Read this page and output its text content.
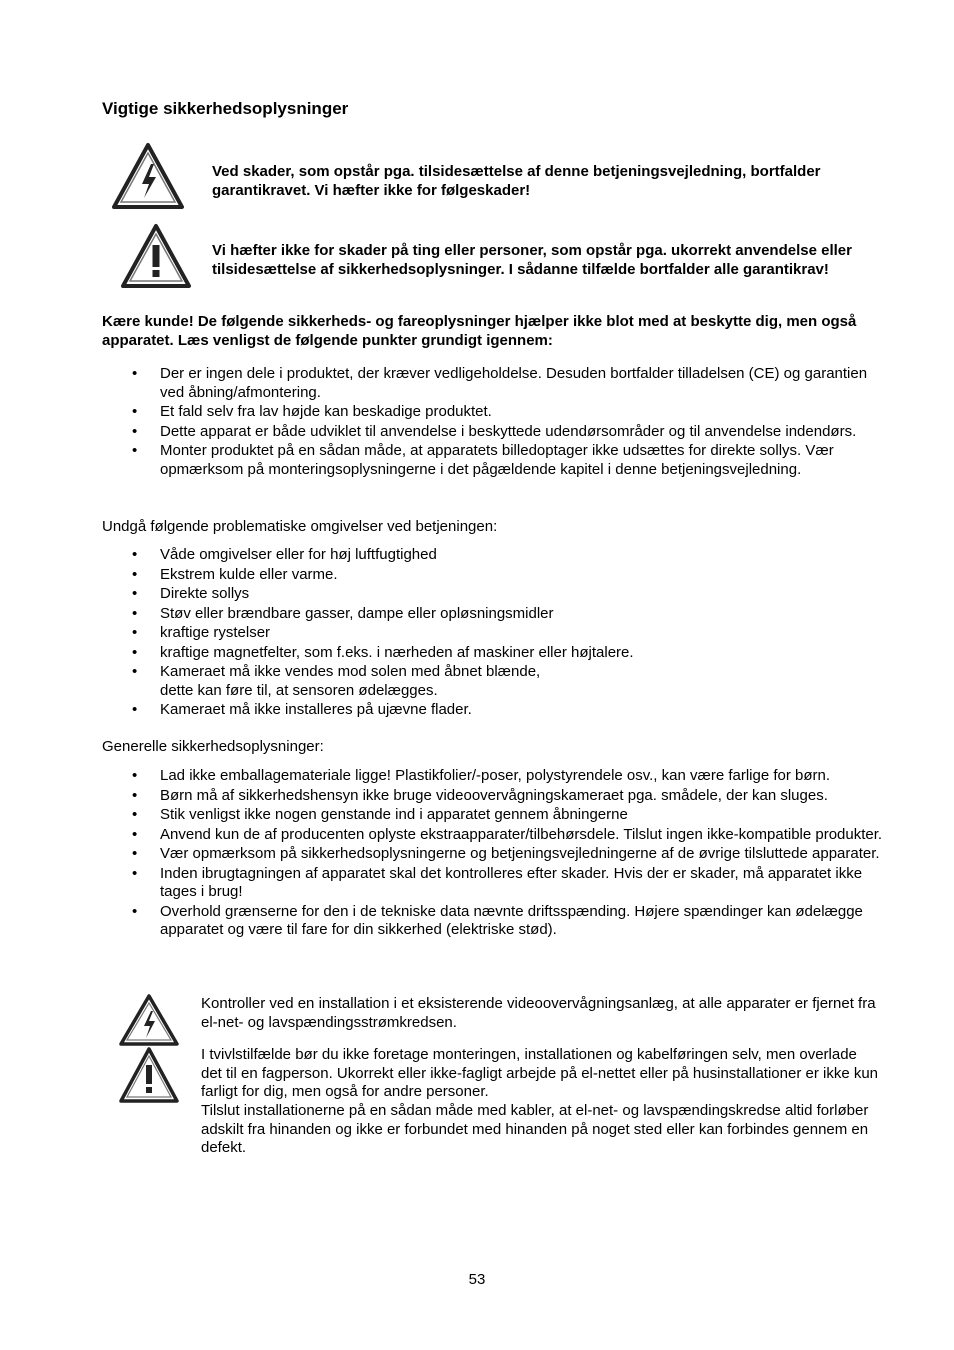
Vigtige sikkerhedsoplysninger
Ved skader, som opstår pga. tilsidesættelse af denne betjeningsvejledning, bortfalder garantikravet. Vi hæfter ikke for følgeskader!
Vi hæfter ikke for skader på ting eller personer, som opstår pga. ukorrekt anvendelse eller tilsidesættelse af sikkerhedsoplysninger. I sådanne tilfælde bortfalder alle garantikrav!
Kære kunde! De følgende sikkerheds- og fareoplysninger hjælper ikke blot med at beskytte dig, men også apparatet. Læs venligst de følgende punkter grundigt igennem:
• Der er ingen dele i produktet, der kræver vedligeholdelse. Desuden bortfalder tilladelsen (CE) og garantien ved åbning/afmontering.
• Et fald selv fra lav højde kan beskadige produktet.
• Dette apparat er både udviklet til anvendelse i beskyttede udendørsområder og til anvendelse indendørs.
• Monter produktet på en sådan måde, at apparatets billedoptager ikke udsættes for direkte sollys. Vær opmærksom på monteringsoplysningerne i det pågældende kapitel i denne betjeningsvejledning.
Undgå følgende problematiske omgivelser ved betjeningen:
• Våde omgivelser eller for høj luftfugtighed
• Ekstrem kulde eller varme.
• Direkte sollys
• Støv eller brændbare gasser, dampe eller opløsningsmidler
• kraftige rystelser
• kraftige magnetfelter, som f.eks. i nærheden af maskiner eller højtalere.
• Kameraet må ikke vendes mod solen med åbnet blænde,
dette kan føre til, at sensoren ødelægges.
• Kameraet må ikke installeres på ujævne flader.
Generelle sikkerhedsoplysninger:
• Lad ikke emballagemateriale ligge! Plastikfolier/-poser, polystyrendele osv., kan være farlige for børn.
• Børn må af sikkerhedshensyn ikke bruge videoovervågningskameraet pga. smådele, der kan sluges.
• Stik venligst ikke nogen genstande ind i apparatet gennem åbningerne
• Anvend kun de af producenten oplyste ekstraapparater/tilbehørsdele. Tilslut ingen ikke-kompatible produkter.
• Vær opmærksom på sikkerhedsoplysningerne og betjeningsvejledningerne af de øvrige tilsluttede apparater.
• Inden ibrugtagningen af apparatet skal det kontrolleres efter skader. Hvis der er skader, må apparatet ikke tages i brug!
• Overhold grænserne for den i de tekniske data nævnte driftsspænding. Højere spændinger kan ødelægge apparatet og være til fare for din sikkerhed (elektriske stød).
Kontroller ved en installation i et eksisterende videoovervågningsanlæg, at alle apparater er fjernet fra el-net- og lavspændingsstrømkredsen.
I tvivlstilfælde bør du ikke foretage monteringen, installationen og kabelføringen selv, men overlade det til en fagperson. Ukorrekt eller ikke-fagligt arbejde på el-nettet eller på husinstallationer er ikke kun farligt for dig, men også for andre personer.
Tilslut installationerne på en sådan måde med kabler, at el-net- og lavspændingskredse altid forløber adskilt fra hinanden og ikke er forbundet med hinanden på noget sted eller kan forbindes gennem en defekt.
53
